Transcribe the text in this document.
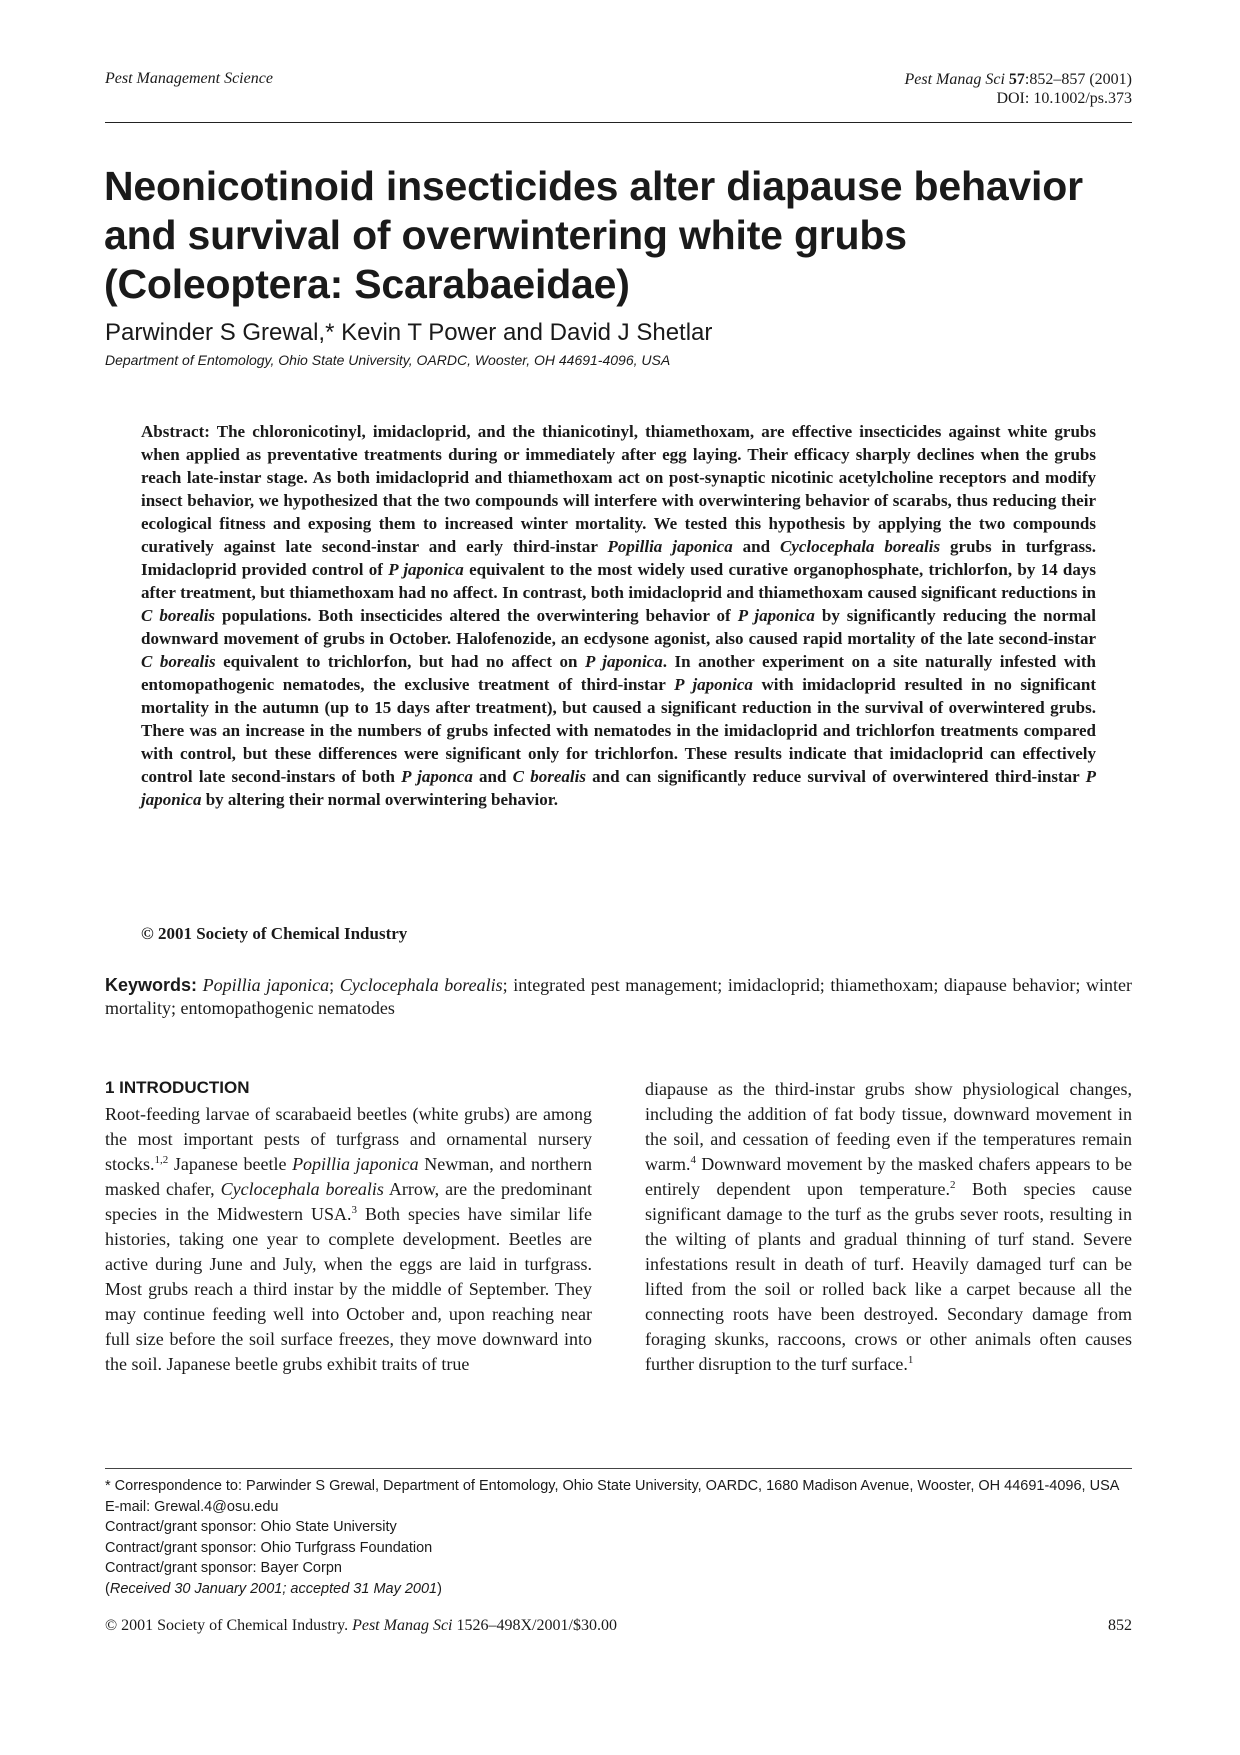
Pest Management Science	Pest Manag Sci 57:852–857 (2001)
DOI: 10.1002/ps.373
Neonicotinoid insecticides alter diapause behavior and survival of overwintering white grubs (Coleoptera: Scarabaeidae)
Parwinder S Grewal,* Kevin T Power and David J Shetlar
Department of Entomology, Ohio State University, OARDC, Wooster, OH 44691-4096, USA
Abstract: The chloronicotinyl, imidacloprid, and the thianicotinyl, thiamethoxam, are effective insecticides against white grubs when applied as preventative treatments during or immediately after egg laying. Their efficacy sharply declines when the grubs reach late-instar stage. As both imidacloprid and thiamethoxam act on post-synaptic nicotinic acetylcholine receptors and modify insect behavior, we hypothesized that the two compounds will interfere with overwintering behavior of scarabs, thus reducing their ecological fitness and exposing them to increased winter mortality. We tested this hypothesis by applying the two compounds curatively against late second-instar and early third-instar Popillia japonica and Cyclocephala borealis grubs in turfgrass. Imidacloprid provided control of P japonica equivalent to the most widely used curative organophosphate, trichlorfon, by 14 days after treatment, but thiamethoxam had no affect. In contrast, both imidacloprid and thiamethoxam caused significant reductions in C borealis populations. Both insecticides altered the overwintering behavior of P japonica by significantly reducing the normal downward movement of grubs in October. Halofenozide, an ecdysone agonist, also caused rapid mortality of the late second-instar C borealis equivalent to trichlorfon, but had no affect on P japonica. In another experiment on a site naturally infested with entomopathogenic nematodes, the exclusive treatment of third-instar P japonica with imidacloprid resulted in no significant mortality in the autumn (up to 15 days after treatment), but caused a significant reduction in the survival of overwintered grubs. There was an increase in the numbers of grubs infected with nematodes in the imidacloprid and trichlorfon treatments compared with control, but these differences were significant only for trichlorfon. These results indicate that imidacloprid can effectively control late second-instars of both P japonca and C borealis and can significantly reduce survival of overwintered third-instar P japonica by altering their normal overwintering behavior.
© 2001 Society of Chemical Industry
Keywords: Popillia japonica; Cyclocephala borealis; integrated pest management; imidacloprid; thiamethoxam; diapause behavior; winter mortality; entomopathogenic nematodes
1 INTRODUCTION
Root-feeding larvae of scarabaeid beetles (white grubs) are among the most important pests of turfgrass and ornamental nursery stocks.$^{1,2}$ Japanese beetle Popillia japonica Newman, and northern masked chafer, Cyclocephala borealis Arrow, are the predominant species in the Midwestern USA.$^3$ Both species have similar life histories, taking one year to complete development. Beetles are active during June and July, when the eggs are laid in turfgrass. Most grubs reach a third instar by the middle of September. They may continue feeding well into October and, upon reaching near full size before the soil surface freezes, they move downward into the soil. Japanese beetle grubs exhibit traits of true
diapause as the third-instar grubs show physiological changes, including the addition of fat body tissue, downward movement in the soil, and cessation of feeding even if the temperatures remain warm.$^4$ Downward movement by the masked chafers appears to be entirely dependent upon temperature.$^2$ Both species cause significant damage to the turf as the grubs sever roots, resulting in the wilting of plants and gradual thinning of turf stand. Severe infestations result in death of turf. Heavily damaged turf can be lifted from the soil or rolled back like a carpet because all the connecting roots have been destroyed. Secondary damage from foraging skunks, raccoons, crows or other animals often causes further disruption to the turf surface.$^1$
* Correspondence to: Parwinder S Grewal, Department of Entomology, Ohio State University, OARDC, 1680 Madison Avenue, Wooster, OH 44691-4096, USA
E-mail: Grewal.4@osu.edu
Contract/grant sponsor: Ohio State University
Contract/grant sponsor: Ohio Turfgrass Foundation
Contract/grant sponsor: Bayer Corpn
(Received 30 January 2001; accepted 31 May 2001)
© 2001 Society of Chemical Industry. Pest Manag Sci 1526–498X/2001/$30.00	852
